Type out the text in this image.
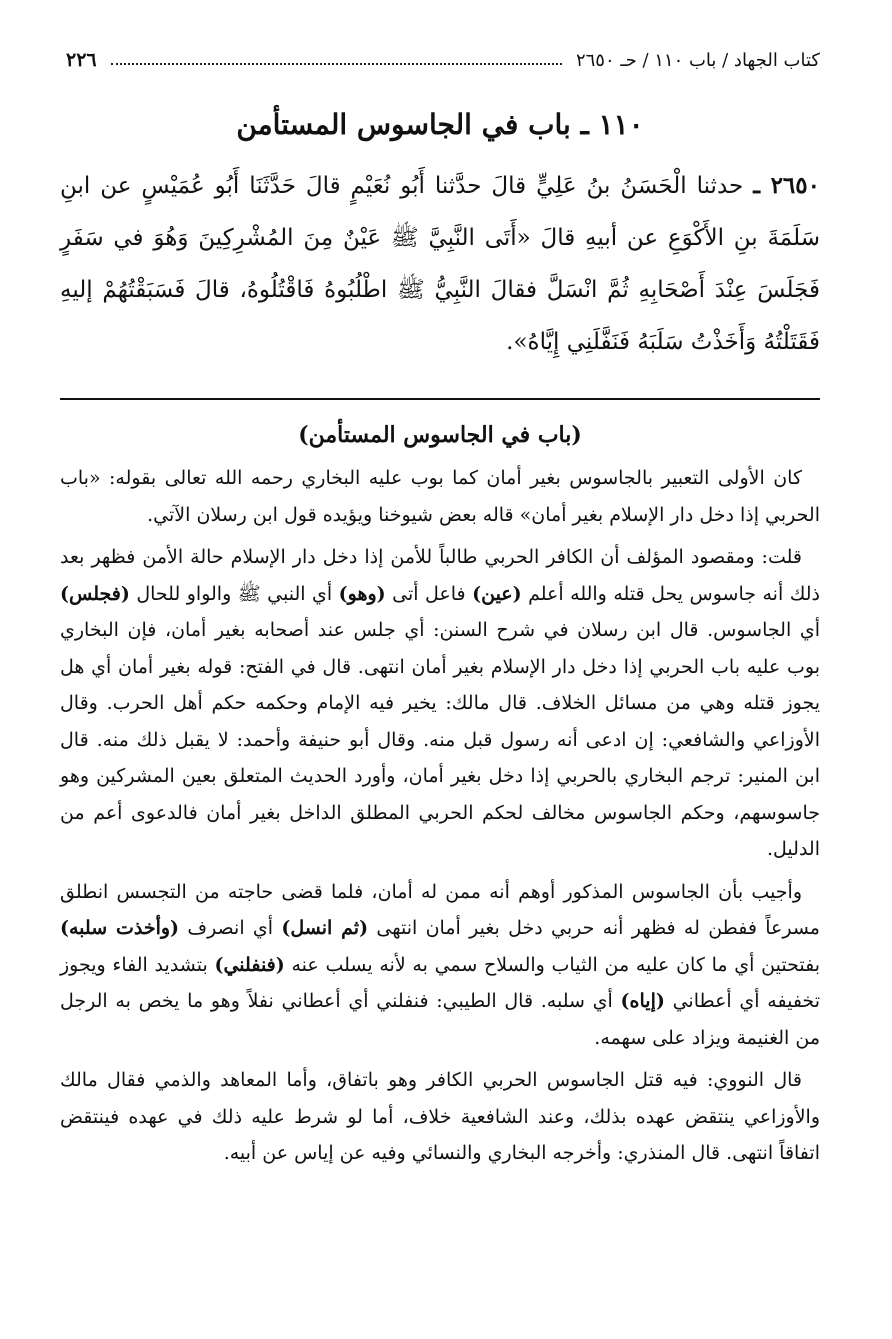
كتاب الجهاد / باب ١١٠ / حـ ٢٦٥٠
٢٢٦
١١٠ ـ باب في الجاسوس المستأمن
٢٦٥٠ ـ حدثنا الْحَسَنُ بنُ عَلِيٍّ قالَ حدَّثنا أَبُو نُعَيْمٍ قالَ حَدَّثَنَا أَبُو عُمَيْسٍ عن ابنِ سَلَمَةَ بنِ الأَكْوَعِ عن أبيهِ قالَ «أَتَى النَّبِيَّ ﷺ عَيْنٌ مِنَ المُشْرِكِينَ وَهُوَ في سَفَرٍ فَجَلَسَ عِنْدَ أَصْحَابِهِ ثُمَّ انْسَلَّ فقالَ النَّبِيُّ ﷺ اطْلُبُوهُ فَاقْتُلُوهُ، قالَ فَسَبَقْتُهُمْ إليهِ فَقَتَلْتُهُ وَأَخَذْتُ سَلَبَهُ فَنَفَّلَنِي إِيَّاهُ».
(باب في الجاسوس المستأمن)

كان الأولى التعبير بالجاسوس بغير أمان كما بوب عليه البخاري رحمه الله تعالى بقوله: «باب الحربي إذا دخل دار الإسلام بغير أمان» قاله بعض شيوخنا ويؤيده قول ابن رسلان الآتي.

قلت: ومقصود المؤلف أن الكافر الحربي طالباً للأمن إذا دخل دار الإسلام حالة الأمن فظهر بعد ذلك أنه جاسوس يحل قتله والله أعلم (عين) فاعل أتى (وهو) أي النبي ﷺ والواو للحال (فجلس) أي الجاسوس. قال ابن رسلان في شرح السنن: أي جلس عند أصحابه بغير أمان، فإن البخاري بوب عليه باب الحربي إذا دخل دار الإسلام بغير أمان انتهى. قال في الفتح: قوله بغير أمان أي هل يجوز قتله وهي من مسائل الخلاف. قال مالك: يخير فيه الإمام وحكمه حكم أهل الحرب. وقال الأوزاعي والشافعي: إن ادعى أنه رسول قبل منه. وقال أبو حنيفة وأحمد: لا يقبل ذلك منه. قال ابن المنير: ترجم البخاري بالحربي إذا دخل بغير أمان، وأورد الحديث المتعلق بعين المشركين وهو جاسوسهم، وحكم الجاسوس مخالف لحكم الحربي المطلق الداخل بغير أمان فالدعوى أعم من الدليل.

وأجيب بأن الجاسوس المذكور أوهم أنه ممن له أمان، فلما قضى حاجته من التجسس انطلق مسرعاً ففطن له فظهر أنه حربي دخل بغير أمان انتهى (ثم انسل) أي انصرف (وأخذت سلبه) بفتحتين أي ما كان عليه من الثياب والسلاح سمي به لأنه يسلب عنه (فنفلني) بتشديد الفاء ويجوز تخفيفه أي أعطاني (إياه) أي سلبه. قال الطيبي: فنفلني أي أعطاني نفلاً وهو ما يخص به الرجل من الغنيمة ويزاد على سهمه.

قال النووي: فيه قتل الجاسوس الحربي الكافر وهو باتفاق، وأما المعاهد والذمي فقال مالك والأوزاعي ينتقض عهده بذلك، وعند الشافعية خلاف، أما لو شرط عليه ذلك في عهده فينتقض اتفاقاً انتهى. قال المنذري: وأخرجه البخاري والنسائي وفيه عن إياس عن أبيه.
